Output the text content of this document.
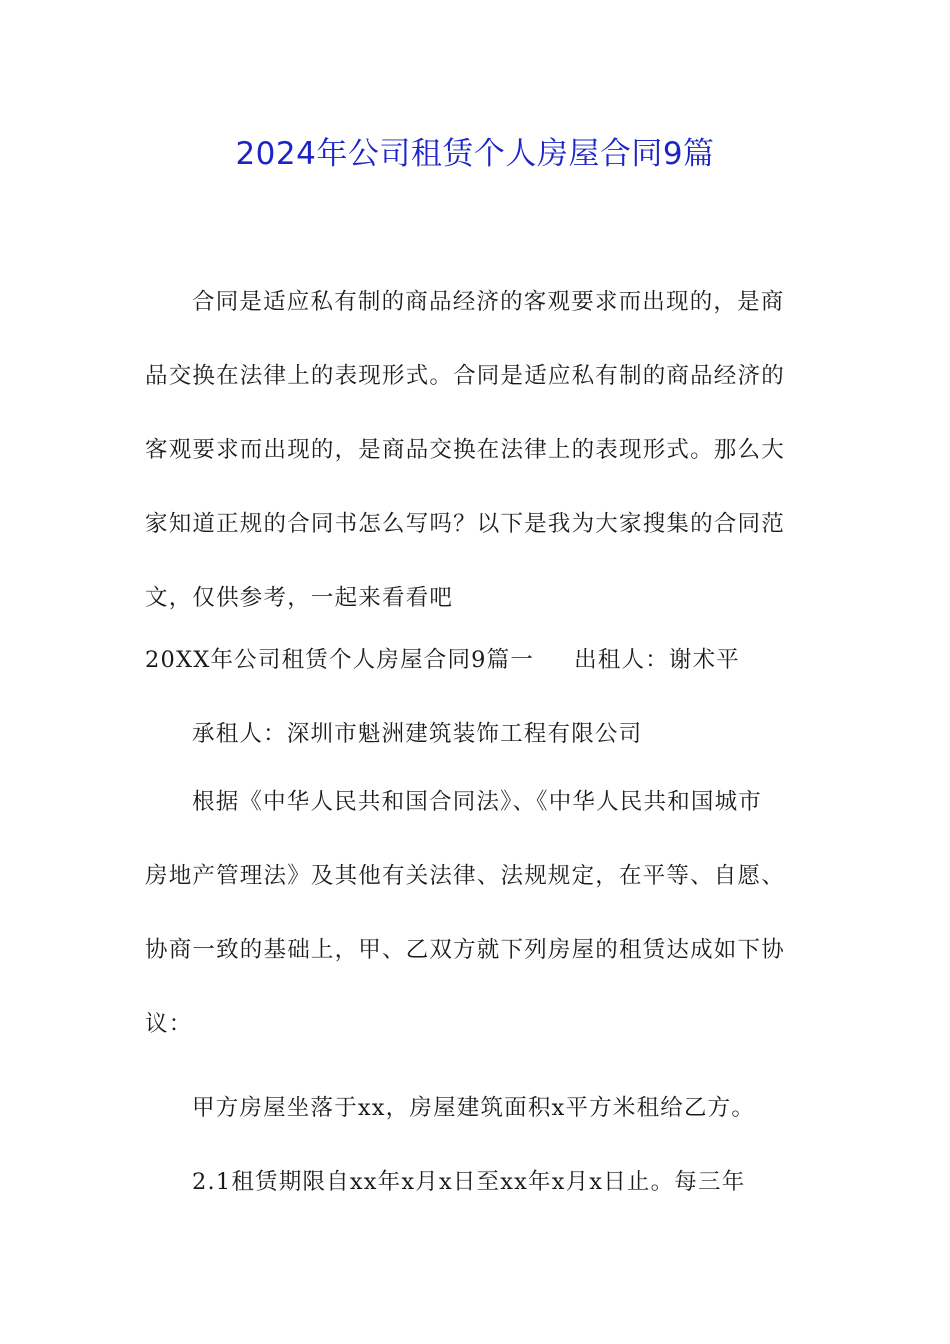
2024年公司租赁个人房屋合同9篇
合同是适应私有制的商品经济的客观要求而出现的，是商
品交换在法律上的表现形式。合同是适应私有制的商品经济的
客观要求而出现的，是商品交换在法律上的表现形式。那么大
家知道正规的合同书怎么写吗？以下是我为大家搜集的合同范
文，仅供参考，一起来看看吧
20XX年公司租赁个人房屋合同9篇一 出租人：谢术平
承租人：深圳市魁洲建筑装饰工程有限公司
根据《中华人民共和国合同法》、《中华人民共和国城市
房地产管理法》及其他有关法律、法规规定，在平等、自愿、
协商一致的基础上，甲、乙双方就下列房屋的租赁达成如下协
议：
甲方房屋坐落于xx，房屋建筑面积x平方米租给乙方。
2.1租赁期限自xx年x月x日至xx年x月x日止。每三年
